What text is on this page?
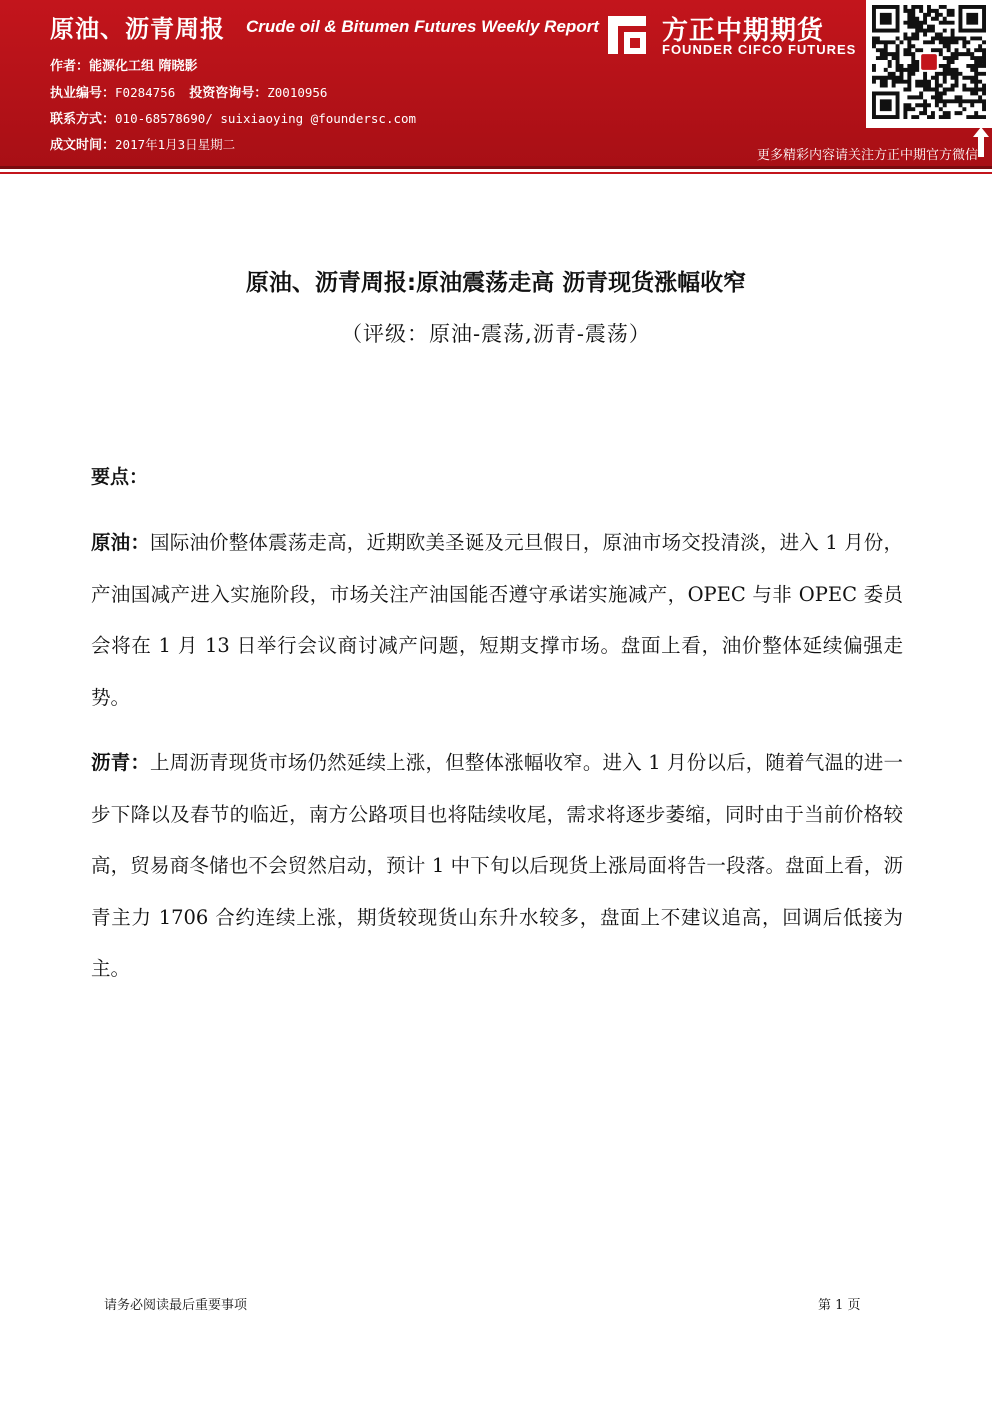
原油、沥青周报 Crude oil & Bitumen Futures Weekly Report
作者：能源化工组 隋晓影
执业编号：F0284756 投资咨询号：Z0010956
联系方式：010-68578690/ suixiaoying @foundersc.com
成文时间：2017年1月3日星期二
方正中期期货
FOUNDER CIFCO FUTURES
更多精彩内容请关注方正中期官方微信
原油、沥青周报:原油震荡走高 沥青现货涨幅收窄
（评级：原油-震荡,沥青-震荡）
要点：
原油：国际油价整体震荡走高，近期欧美圣诞及元旦假日，原油市场交投清淡，进入 1 月份，产油国减产进入实施阶段，市场关注产油国能否遵守承诺实施减产，OPEC 与非 OPEC 委员会将在 1 月 13 日举行会议商讨减产问题，短期支撑市场。盘面上看，油价整体延续偏强走势。
沥青：上周沥青现货市场仍然延续上涨，但整体涨幅收窄。进入 1 月份以后，随着气温的进一步下降以及春节的临近，南方公路项目也将陆续收尾，需求将逐步萎缩，同时由于当前价格较高，贸易商冬储也不会贸然启动，预计 1 中下旬以后现货上涨局面将告一段落。盘面上看，沥青主力 1706 合约连续上涨，期货较现货山东升水较多，盘面上不建议追高，回调后低接为主。
请务必阅读最后重要事项	第 1 页
